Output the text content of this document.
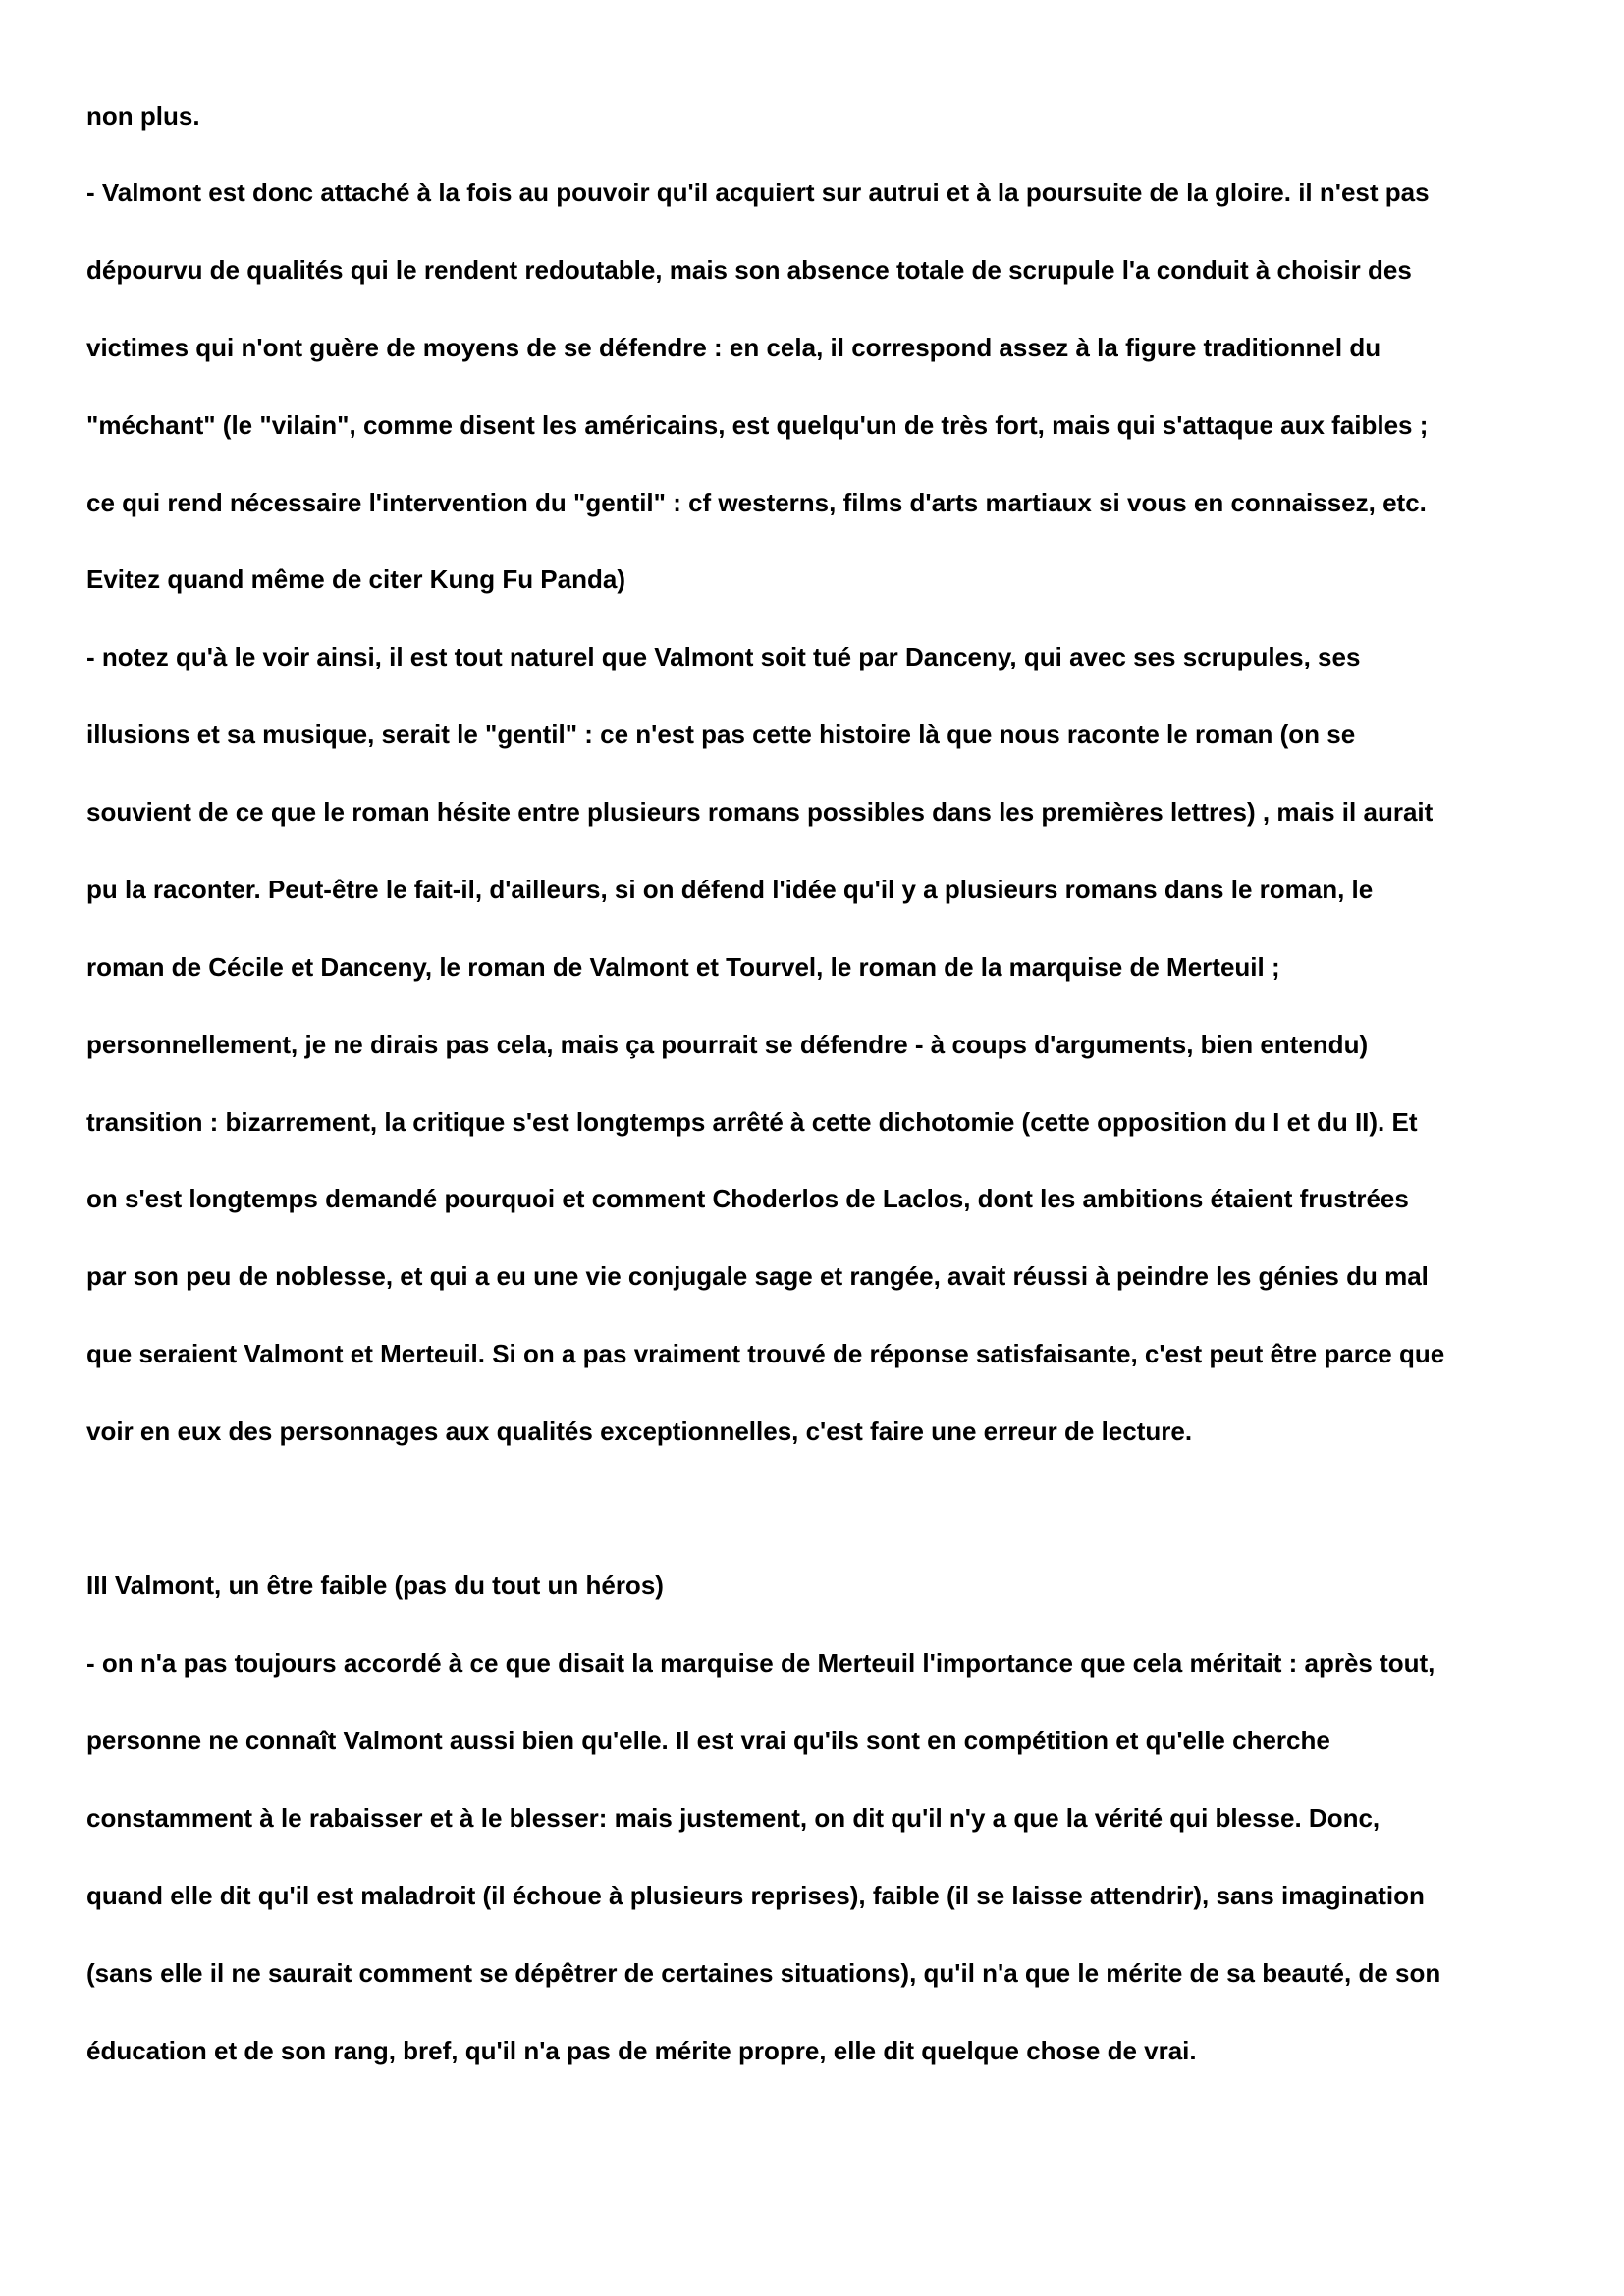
non plus.

- Valmont est donc attaché à la fois au pouvoir qu'il acquiert sur autrui et à la poursuite de la gloire. il n'est pas

dépourvu de qualités qui le rendent redoutable, mais son absence totale de scrupule l'a conduit à choisir des

victimes qui n'ont guère de moyens de se défendre : en cela, il correspond assez à la figure traditionnel du

"méchant" (le "vilain", comme disent les américains, est quelqu'un de très fort, mais qui s'attaque aux faibles ;

ce qui rend nécessaire l'intervention du "gentil" : cf westerns, films d'arts martiaux si vous en connaissez, etc.

Evitez quand même de citer Kung Fu Panda)

- notez qu'à le voir ainsi, il est tout naturel que Valmont soit tué par Danceny, qui avec ses scrupules, ses

illusions et sa musique, serait le "gentil" : ce n'est pas cette histoire là que nous raconte le roman (on se

souvient de ce que le roman hésite entre plusieurs romans possibles dans les premières lettres) , mais il aurait

pu la raconter. Peut-être le fait-il, d'ailleurs, si on défend l'idée qu'il y a plusieurs romans dans le roman, le

roman de Cécile et Danceny, le roman de Valmont et Tourvel, le roman de la marquise de Merteuil ;

personnellement, je ne dirais pas cela, mais ça pourrait se défendre - à coups d'arguments, bien entendu)

transition : bizarrement, la critique s'est longtemps arrêté à cette dichotomie (cette opposition du I et du II). Et

on s'est longtemps demandé pourquoi et comment Choderlos de Laclos, dont les ambitions étaient frustrées

par son peu de noblesse, et qui a eu une vie conjugale sage et rangée, avait réussi à peindre les génies du mal

que seraient Valmont et Merteuil. Si on a pas vraiment trouvé de réponse satisfaisante, c'est peut être parce que

voir en eux des personnages aux qualités exceptionnelles, c'est faire une erreur de lecture.

III Valmont, un être faible (pas du tout un héros)

- on n'a pas toujours accordé à ce que disait la marquise de Merteuil l'importance que cela méritait : après tout,

personne ne connaît Valmont aussi bien qu'elle. Il est vrai qu'ils sont en compétition et qu'elle cherche

constamment à le rabaisser et à le blesser: mais justement, on dit qu'il n'y a que la vérité qui blesse. Donc,

quand elle dit qu'il est maladroit (il échoue à plusieurs reprises), faible (il se laisse attendrir), sans imagination

(sans elle il ne saurait comment se dépêtrer de certaines situations), qu'il n'a que le mérite de sa beauté, de son

éducation et de son rang, bref, qu'il n'a pas de mérite propre, elle dit quelque chose de vrai.
